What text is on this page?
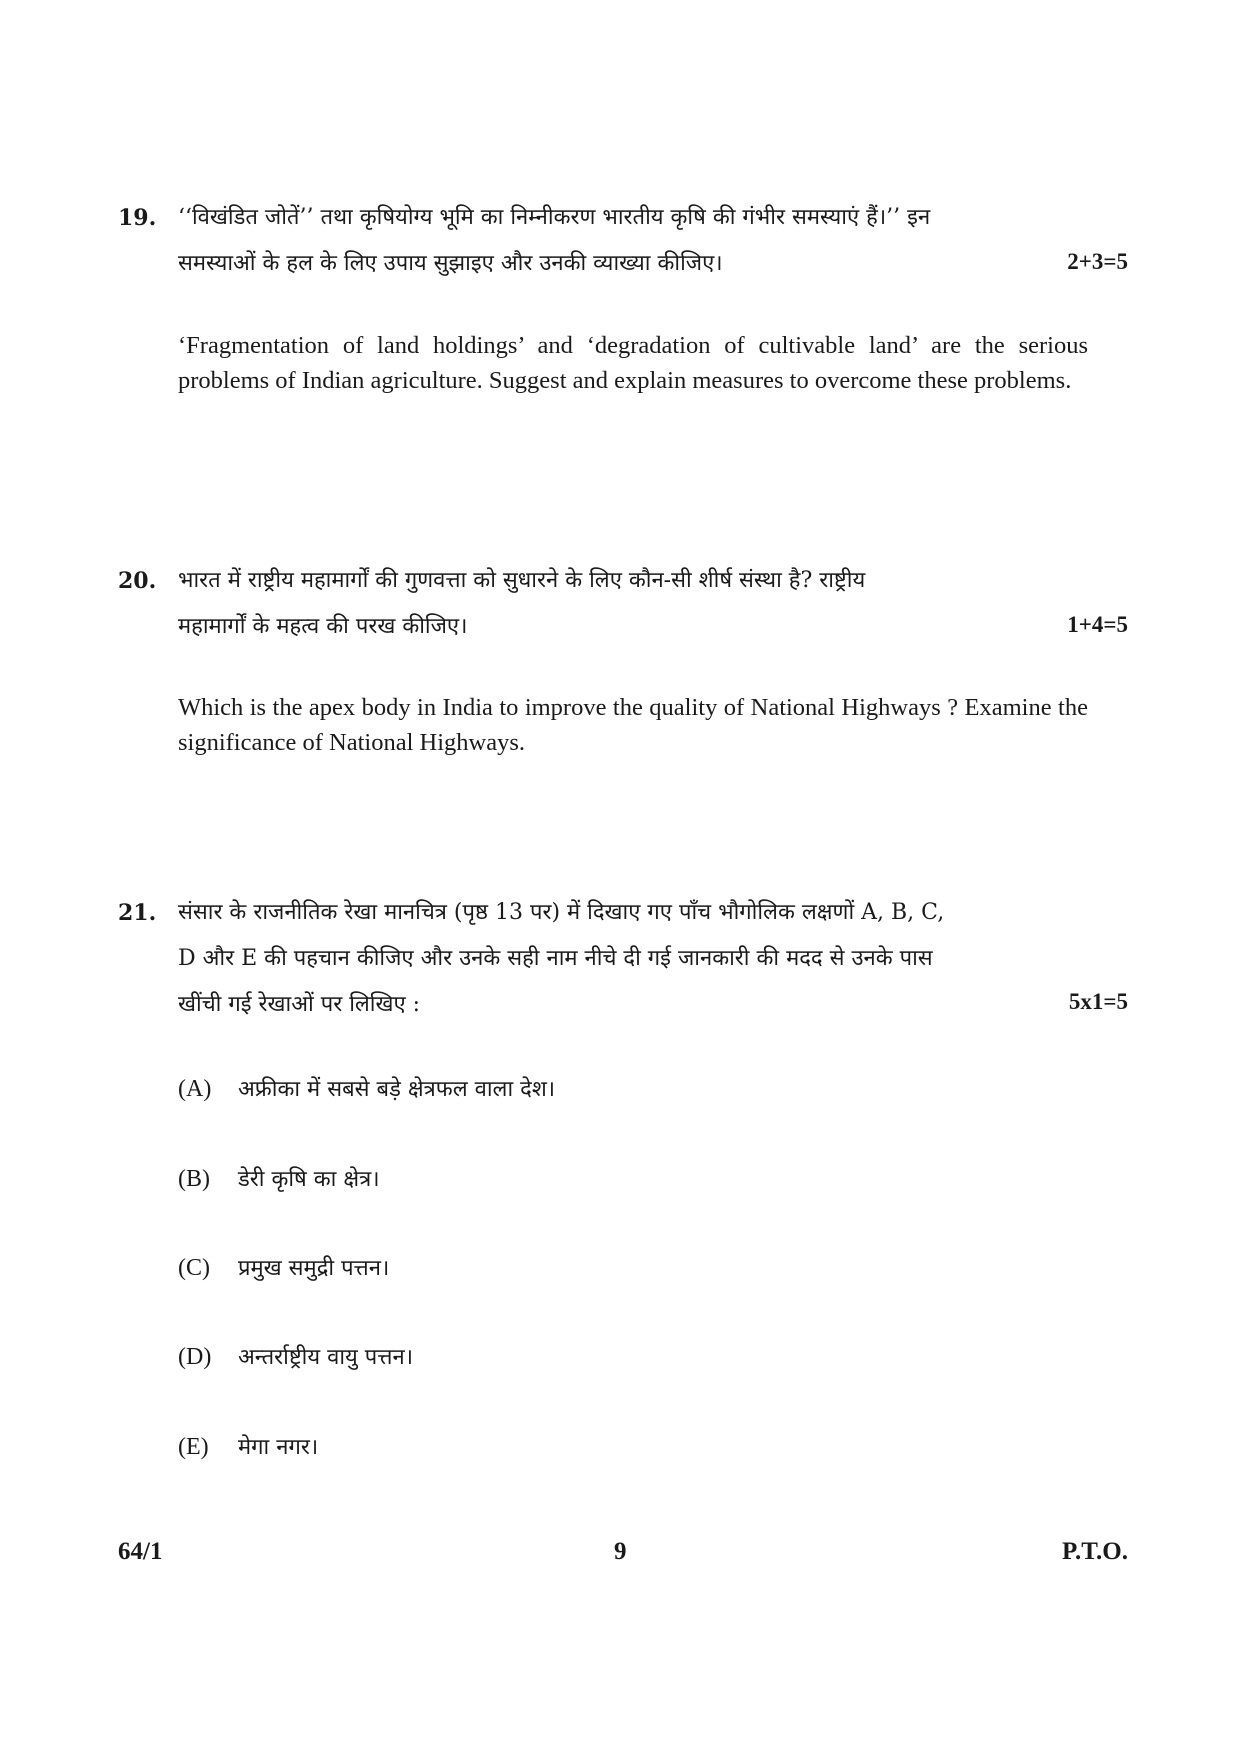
19. ‘‘विखंडित जोतें’’ तथा कृषियोग्य भूमि का निम्नीकरण भारतीय कृषि की गंभीर समस्याएं हैं।’’ इन
समस्याओं के हल के लिए उपाय सुझाइए और उनकी व्याख्या कीजिए।	2+3=5
‘Fragmentation of land holdings’ and ‘degradation of cultivable land’ are the serious problems of Indian agriculture. Suggest and explain measures to overcome these problems.
20. भारत में राष्ट्रीय महामार्गों की गुणवत्ता को सुधारने के लिए कौन-सी शीर्ष संस्था है? राष्ट्रीय
महामार्गों के महत्व की परख कीजिए।	1+4=5
Which is the apex body in India to improve the quality of National Highways ? Examine the significance of National Highways.
21. संसार के राजनीतिक रेखा मानचित्र (पृष्ठ 13 पर) में दिखाए गए पाँच भौगोलिक लक्षणों A, B, C,
D और E की पहचान कीजिए और उनके सही नाम नीचे दी गई जानकारी की मदद से उनके पास
खींची गई रेखाओं पर लिखिए :	5x1=5
(A) अफ्रीका में सबसे बड़े क्षेत्रफल वाला देश।
(B) डेरी कृषि का क्षेत्र।
(C) प्रमुख समुद्री पत्तन।
(D) अन्तर्राष्ट्रीय वायु पत्तन।
(E) मेगा नगर।
64/1	9	P.T.O.
